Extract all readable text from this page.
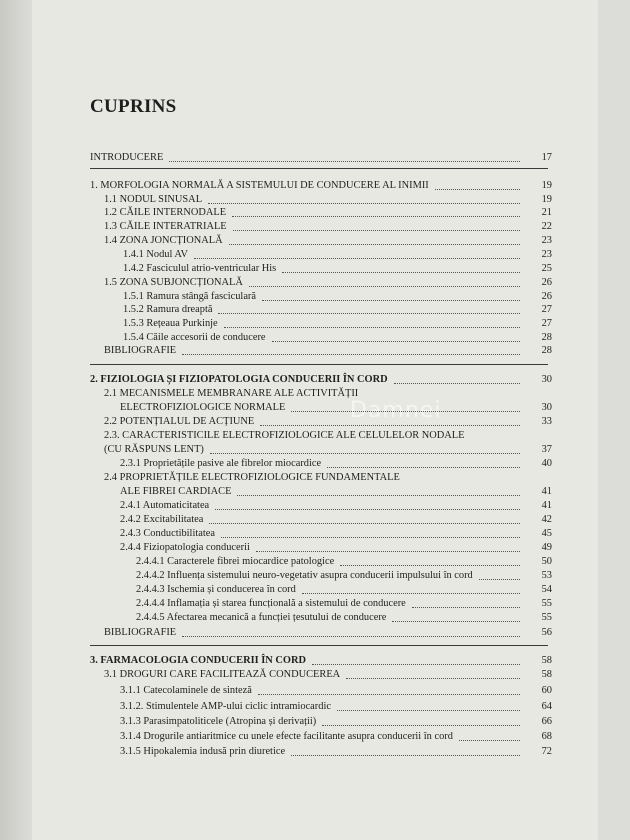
CUPRINS
Damnei
INTRODUCERE	17
1. MORFOLOGIA NORMALĂ A SISTEMULUI DE CONDUCERE AL INIMII	19
1.1 NODUL SINUSAL	19
1.2 CĂILE INTERNODALE	21
1.3 CĂILE INTERATRIALE	22
1.4 ZONA JONCȚIONALĂ	23
1.4.1 Nodul AV	23
1.4.2 Fasciculul atrio-ventricular His	25
1.5 ZONA SUBJONCȚIONALĂ	26
1.5.1 Ramura stângă fasciculară	26
1.5.2 Ramura dreaptă	27
1.5.3 Rețeaua Purkinje	27
1.5.4 Căile accesorii de conducere	28
BIBLIOGRAFIE	28
2. FIZIOLOGIA ȘI FIZIOPATOLOGIA CONDUCERII ÎN CORD	30
2.1 MECANISMELE MEMBRANARE ALE ACTIVITĂȚII
ELECTROFIZIOLOGICE NORMALE	30
2.2 POTENȚIALUL DE ACȚIUNE	33
2.3. CARACTERISTICILE ELECTROFIZIOLOGICE ALE CELULELOR NODALE
(CU RĂSPUNS LENT)	37
2.3.1 Proprietățile pasive ale fibrelor miocardice	40
2.4 PROPRIETĂȚILE ELECTROFIZIOLOGICE FUNDAMENTALE
ALE FIBREI CARDIACE	41
2.4.1 Automaticitatea	41
2.4.2 Excitabilitatea	42
2.4.3 Conductibilitatea	45
2.4.4 Fiziopatologia conducerii	49
2.4.4.1 Caracterele fibrei miocardice patologice	50
2.4.4.2 Influența sistemului neuro-vegetativ asupra conducerii impulsului în cord	53
2.4.4.3 Ischemia și conducerea în cord	54
2.4.4.4 Inflamația și starea funcțională a sistemului de conducere	55
2.4.4.5 Afectarea mecanică a funcției țesutului de conducere	55
BIBLIOGRAFIE	56
3. FARMACOLOGIA CONDUCERII ÎN CORD	58
3.1 DROGURI CARE FACILITEAZĂ CONDUCEREA	58
3.1.1 Catecolaminele de sinteză	60
3.1.2. Stimulentele AMP-ului ciclic intramiocardic	64
3.1.3 Parasimpatoliticele (Atropina și derivații)	66
3.1.4 Drogurile antiaritmice cu unele efecte facilitante asupra conducerii în cord	68
3.1.5 Hipokalemia indusă prin diuretice	72
